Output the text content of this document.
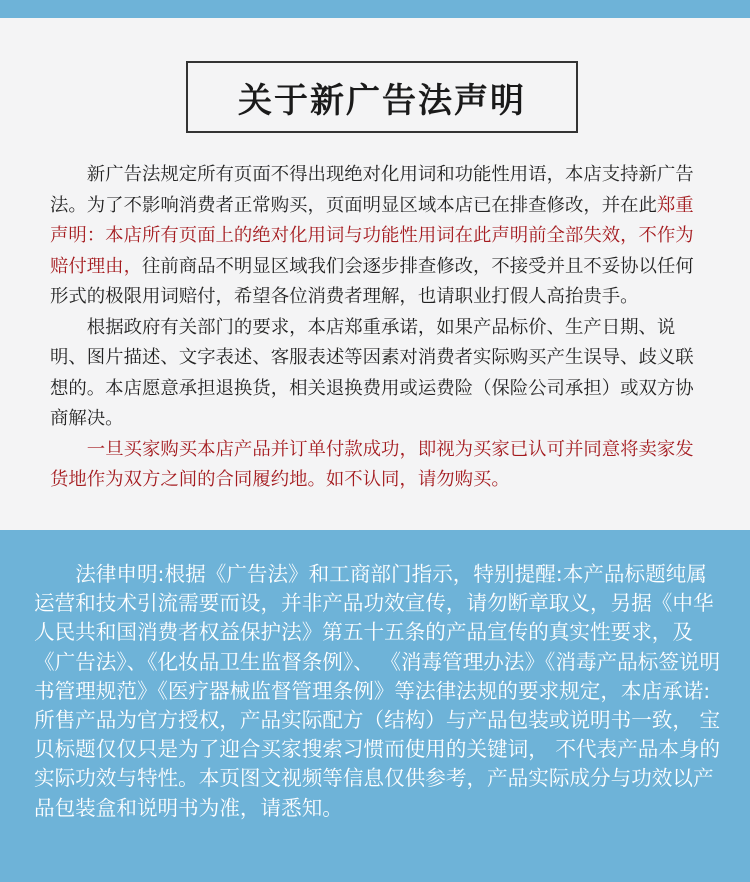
关于新广告法声明

新广告法规定所有页面不得出现绝对化用词和功能性用语，本店支持新广告法。为了不影响消费者正常购买，页面明显区域本店已在排查修改，并在此郑重声明：本店所有页面上的绝对化用词与功能性用词在此声明前全部失效，不作为赔付理由，往前商品不明显区域我们会逐步排查修改，不接受并且不妥协以任何形式的极限用词赔付，希望各位消费者理解，也请职业打假人高抬贵手。

根据政府有关部门的要求，本店郑重承诺，如果产品标价、生产日期、说明、图片描述、文字表述、客服表述等因素对消费者实际购买产生误导、歧义联想的。本店愿意承担退换货，相关退换费用或运费险（保险公司承担）或双方协商解决。

一旦买家购买本店产品并订单付款成功，即视为买家已认可并同意将卖家发货地作为双方之间的合同履约地。如不认同，请勿购买。

法律申明:根据《广告法》和工商部门指示，特别提醒:本产品标题纯属运营和技术引流需要而设，并非产品功效宣传，请勿断章取义，另据《中华人民共和国消费者权益保护法》第五十五条的产品宣传的真实性要求，及《广告法》、《化妆品卫生监督条例》、 《消毒管理办法》《消毒产品标签说明书管理规范》《医疗器械监督管理条例》等法律法规的要求规定，本店承诺:所售产品为官方授权，产品实际配方（结构）与产品包装或说明书一致， 宝贝标题仅仅只是为了迎合买家搜索习惯而使用的关键词， 不代表产品本身的实际功效与特性。本页图文视频等信息仅供参考，产品实际成分与功效以产品包装盒和说明书为准，请悉知。
